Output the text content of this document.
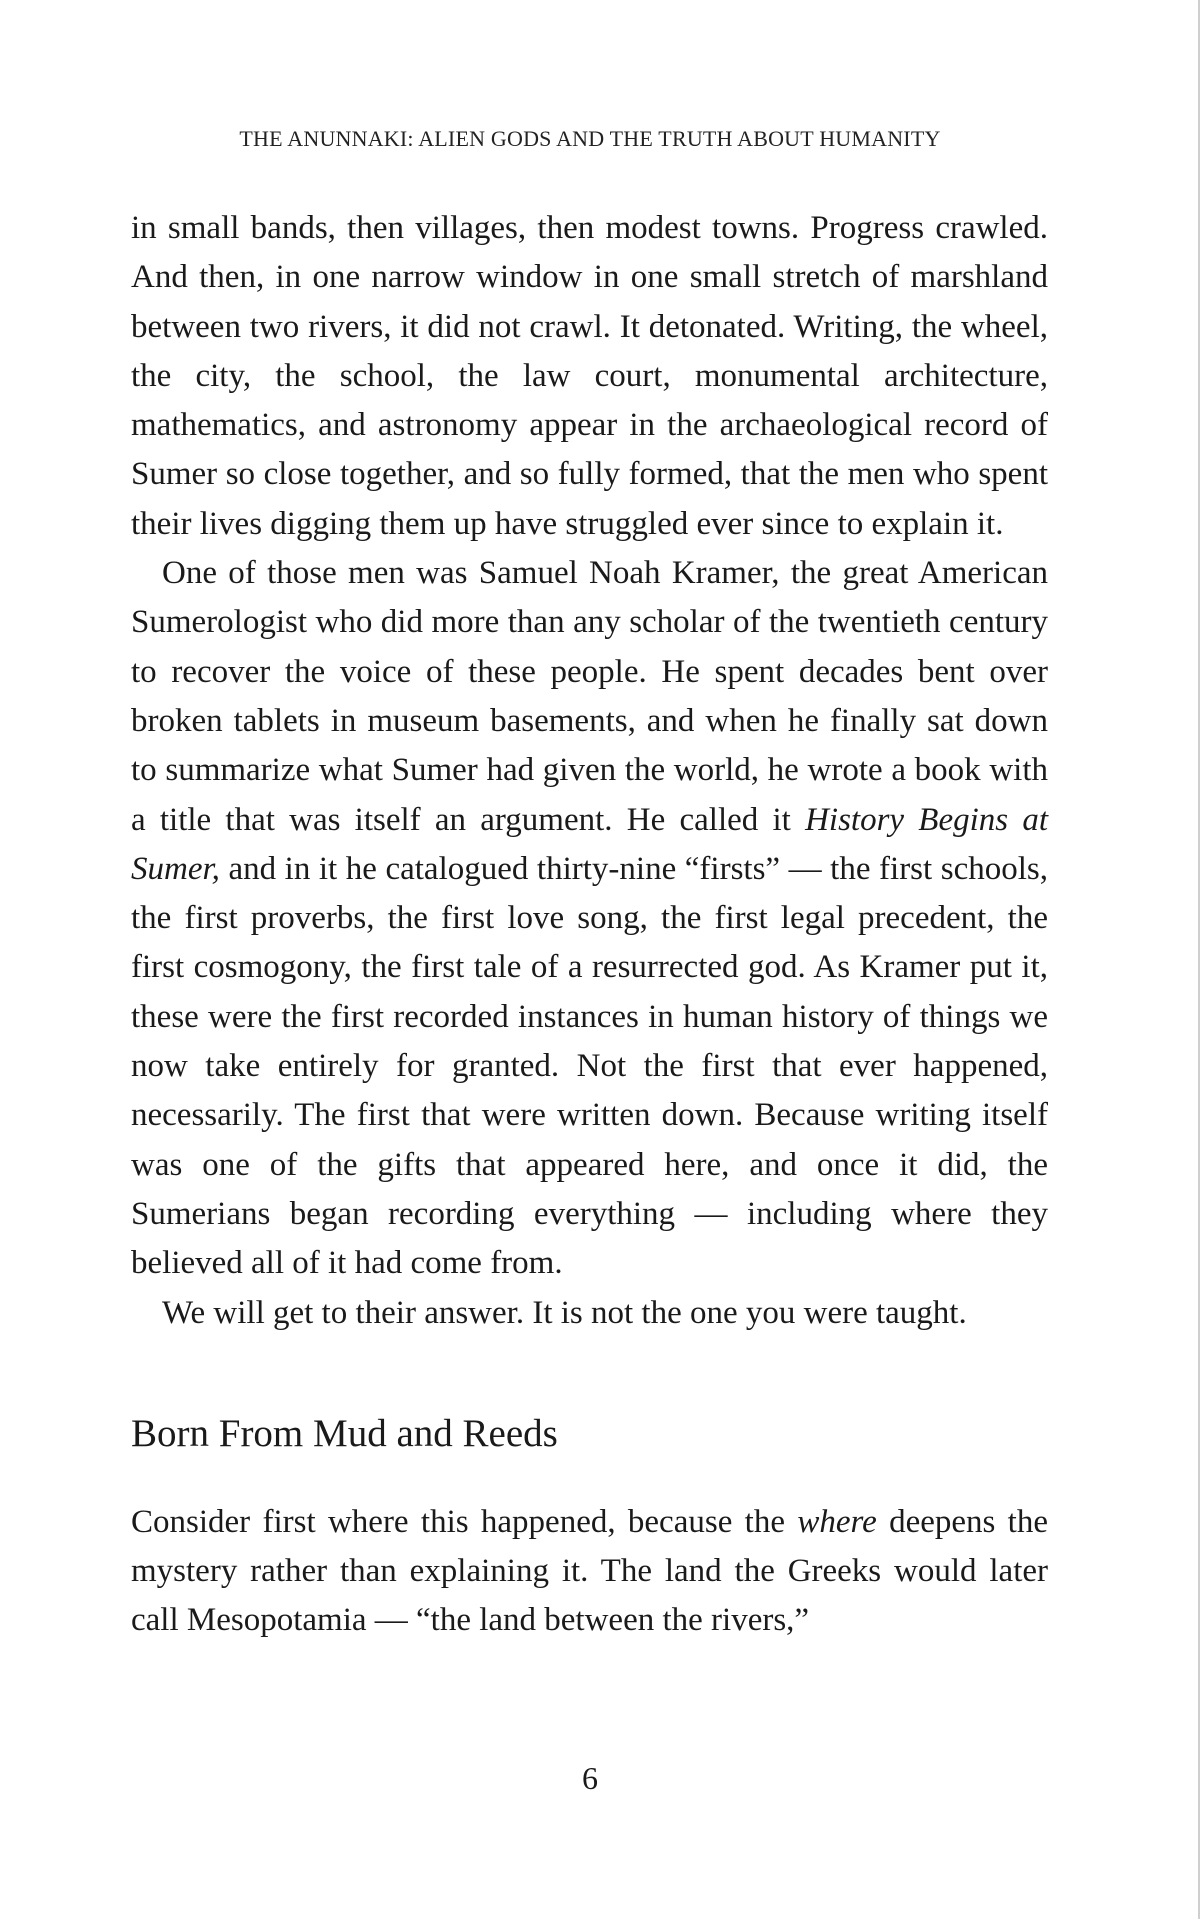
THE ANUNNAKI: ALIEN GODS AND THE TRUTH ABOUT HUMANITY

in small bands, then villages, then modest towns. Progress crawled. And then, in one narrow window in one small stretch of marshland between two rivers, it did not crawl. It detonated. Writing, the wheel, the city, the school, the law court, monumental architecture, mathematics, and astronomy appear in the archaeological record of Sumer so close together, and so fully formed, that the men who spent their lives digging them up have struggled ever since to explain it.

One of those men was Samuel Noah Kramer, the great American Sumerologist who did more than any scholar of the twentieth century to recover the voice of these people. He spent decades bent over broken tablets in museum basements, and when he finally sat down to summarize what Sumer had given the world, he wrote a book with a title that was itself an argument. He called it History Begins at Sumer, and in it he catalogued thirty-nine “firsts” — the first schools, the first proverbs, the first love song, the first legal precedent, the first cosmogony, the first tale of a resurrected god. As Kramer put it, these were the first recorded instances in human history of things we now take entirely for granted. Not the first that ever happened, necessarily. The first that were written down. Because writing itself was one of the gifts that appeared here, and once it did, the Sumerians began recording everything — including where they believed all of it had come from.

We will get to their answer. It is not the one you were taught.

Born From Mud and Reeds

Consider first where this happened, because the where deepens the mystery rather than explaining it. The land the Greeks would later call Mesopotamia — “the land between the rivers,”

6
